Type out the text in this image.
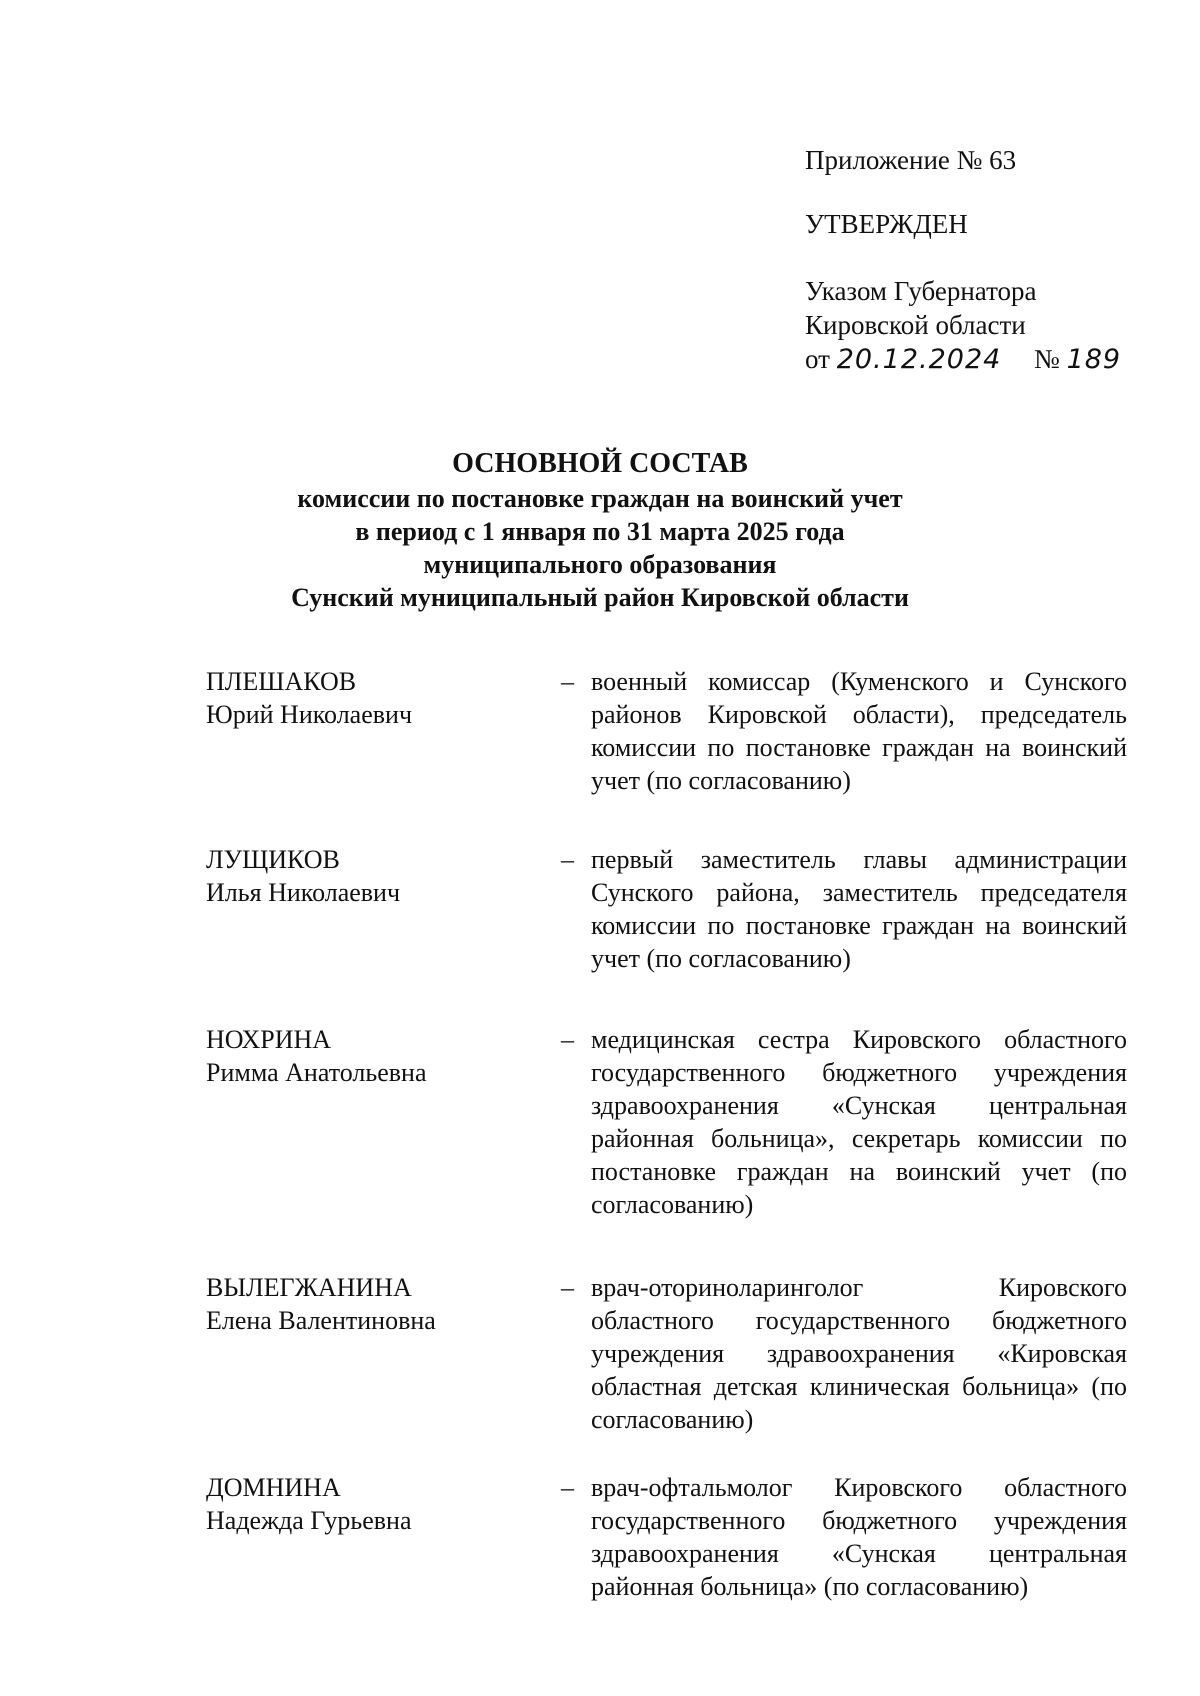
Приложение № 63
УТВЕРЖДЕН
Указом Губернатора
Кировской области
от 20.12.2024 № 189
ОСНОВНОЙ СОСТАВ
комиссии по постановке граждан на воинский учет
в период с 1 января по 31 марта 2025 года
муниципального образования
Сунский муниципальный район Кировской области
ПЛЕШАКОВ
Юрий Николаевич
– военный комиссар (Куменского и Сунского районов Кировской области), председатель комиссии по постановке граждан на воинский учет (по согласованию)
ЛУЩИКОВ
Илья Николаевич
– первый заместитель главы администрации Сунского района, заместитель председателя комиссии по постановке граждан на воинский учет (по согласованию)
НОХРИНА
Римма Анатольевна
– медицинская сестра Кировского областного государственного бюджетного учреждения здравоохранения «Сунская центральная районная больница», секретарь комиссии по постановке граждан на воинский учет (по согласованию)
ВЫЛЕГЖАНИНА
Елена Валентиновна
– врач-оториноларинголог Кировского областного государственного бюджетного учреждения здравоохранения «Кировская областная детская клиническая больница» (по согласованию)
ДОМНИНА
Надежда Гурьевна
– врач-офтальмолог Кировского областного государственного бюджетного учреждения здравоохранения «Сунская центральная районная больница» (по согласованию)
